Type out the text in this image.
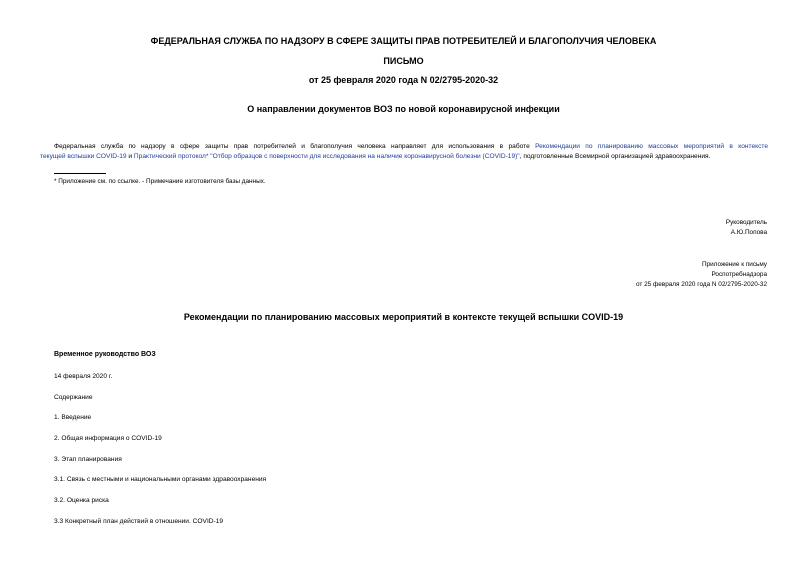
ФЕДЕРАЛЬНАЯ СЛУЖБА ПО НАДЗОРУ В СФЕРЕ ЗАЩИТЫ ПРАВ ПОТРЕБИТЕЛЕЙ И БЛАГОПОЛУЧИЯ ЧЕЛОВЕКА
ПИСЬМО
от 25 февраля 2020 года N 02/2795-2020-32
О направлении документов ВОЗ по новой коронавирусной инфекции
Федеральная служба по надзору в сфере защиты прав потребителей и благополучия человека направляет для использования в работе Рекомендации по планированию массовых мероприятий в контексте
текущей вспышки COVID-19 и Практический протокол* "Отбор образцов с поверхности для исследования на наличие коронавирусной болезни (COVID-19)", подготовленные Всемирной организацией здравоохранения.
* Приложение см. по ссылке. - Примечание изготовителя базы данных.
Руководитель
А.Ю.Попова
Приложение к письму
Роспотребнадзора
от 25 февраля 2020 года N 02/2795-2020-32
Рекомендации по планированию массовых мероприятий в контексте текущей вспышки COVID-19
Временное руководство ВОЗ
14 февраля 2020 г.
Содержание
1. Введение
2. Общая информация о COVID-19
3. Этап планирования
3.1. Связь с местными и национальными органами здравоохранения
3.2. Оценка риска
3.3 Конкретный план действий в отношении. COVID-19
